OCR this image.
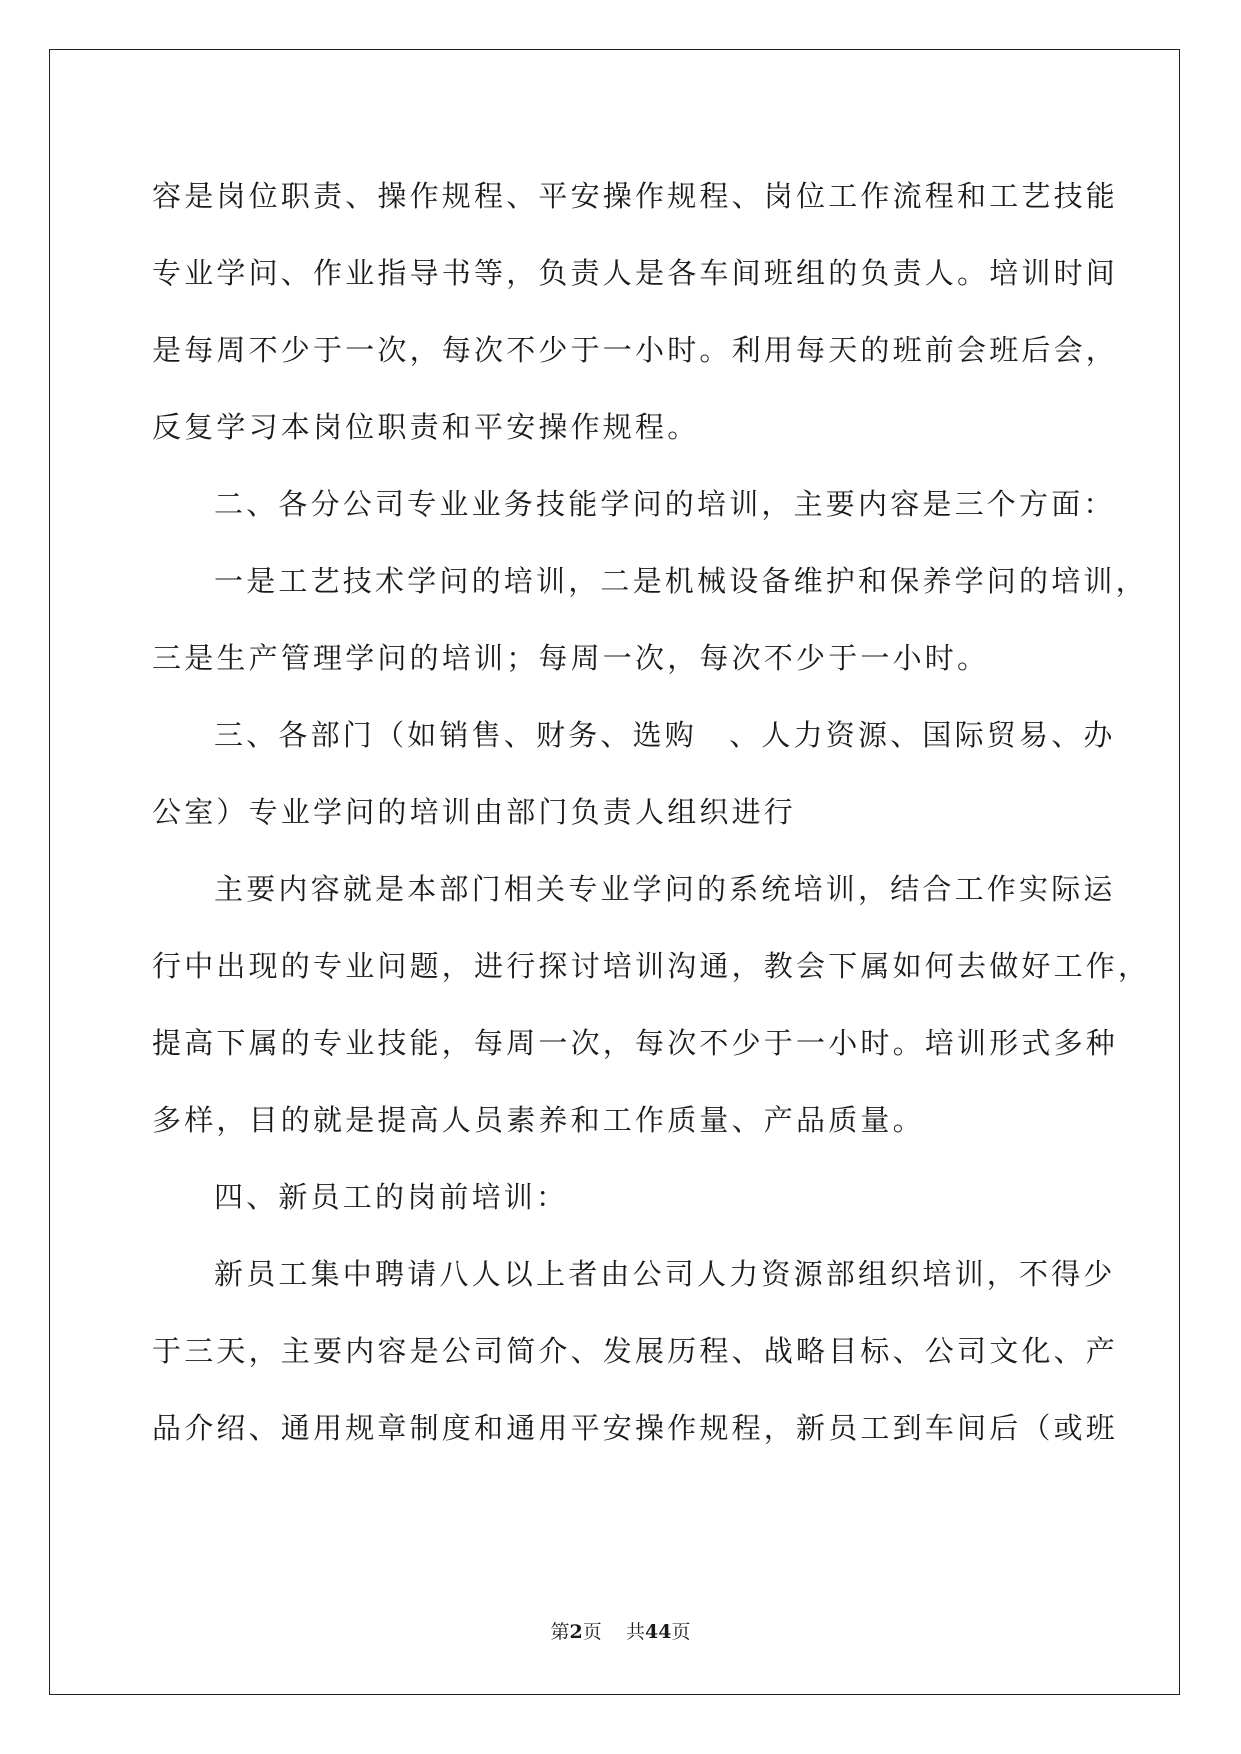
容是岗位职责、操作规程、平安操作规程、岗位工作流程和工艺技能

专业学问、作业指导书等，负责人是各车间班组的负责人。培训时间

是每周不少于一次，每次不少于一小时。利用每天的班前会班后会，

反复学习本岗位职责和平安操作规程。

二、各分公司专业业务技能学问的培训，主要内容是三个方面：

一是工艺技术学问的培训，二是机械设备维护和保养学问的培训，

三是生产管理学问的培训；每周一次，每次不少于一小时。

三、各部门（如销售、财务、选购　、人力资源、国际贸易、办

公室）专业学问的培训由部门负责人组织进行

主要内容就是本部门相关专业学问的系统培训，结合工作实际运

行中出现的专业问题，进行探讨培训沟通，教会下属如何去做好工作，

提高下属的专业技能，每周一次，每次不少于一小时。培训形式多种

多样，目的就是提高人员素养和工作质量、产品质量。

四、新员工的岗前培训：

新员工集中聘请八人以上者由公司人力资源部组织培训，不得少

于三天，主要内容是公司简介、发展历程、战略目标、公司文化、产

品介绍、通用规章制度和通用平安操作规程，新员工到车间后（或班

第2页 共44页
